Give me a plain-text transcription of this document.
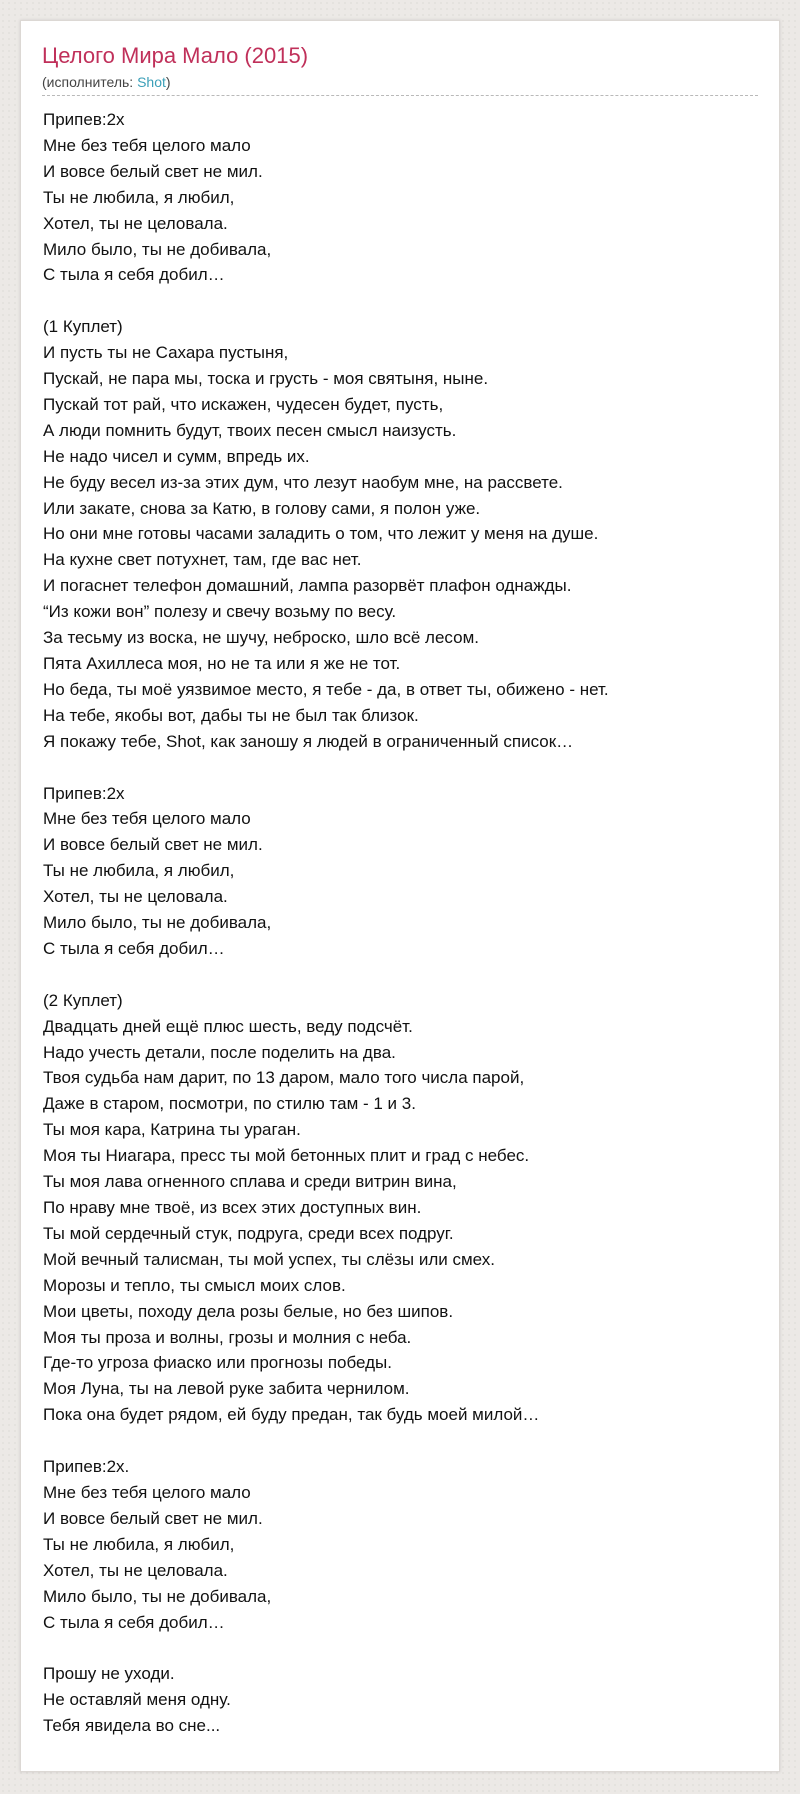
Целого Мира Мало (2015)
(исполнитель: Shot)
Припев:2х
Мне без тебя целого мало
И вовсе белый свет не мил.
Ты не любила, я любил,
Хотел, ты не целовала.
Мило было, ты не добивала,
С тыла я себя добил…
(1 Куплет)
И пусть ты не Сахара пустыня,
Пускай, не пара мы, тоска и грусть - моя святыня, ныне.
Пускай тот рай, что искажен, чудесен будет, пусть,
А люди помнить будут, твоих песен смысл наизусть.
Не надо чисел и сумм, впредь их.
Не буду весел из-за этих дум, что лезут наобум мне, на рассвете.
Или закате, снова за Катю, в голову сами, я полон уже.
Но они мне готовы часами заладить о том, что лежит у меня на душе.
На кухне свет потухнет, там, где вас нет.
И погаснет телефон домашний, лампа разорвёт плафон однажды.
“Из кожи вон” полезу и свечу возьму по весу.
За тесьму из воска, не шучу, неброско, шло всё лесом.
Пята Ахиллеса моя, но не та или я же не тот.
Но беда, ты моё уязвимое место, я тебе - да, в ответ ты, обижено - нет.
На тебе, якобы вот, дабы ты не был так близок.
Я покажу тебе, Shot, как заношу я людей в ограниченный список…
Припев:2х
Мне без тебя целого мало
И вовсе белый свет не мил.
Ты не любила, я любил,
Хотел, ты не целовала.
Мило было, ты не добивала,
С тыла я себя добил…
(2 Куплет)
Двадцать дней ещё плюс шесть, веду подсчёт.
Надо учесть детали, после поделить на два.
Твоя судьба нам дарит, по 13 даром, мало того числа парой,
Даже в старом, посмотри, по стилю там - 1 и 3.
Ты моя кара, Катрина ты ураган.
Моя ты Ниагара, пресс ты мой бетонных плит и град с небес.
Ты моя лава огненного сплава и среди витрин вина,
По нраву мне твоё, из всех этих доступных вин.
Ты мой сердечный стук, подруга, среди всех подруг.
Мой вечный талисман, ты мой успех, ты слёзы или смех.
Морозы и тепло, ты смысл моих слов.
Мои цветы, походу дела розы белые, но без шипов.
Моя ты проза и волны, грозы и молния с неба.
Где-то угроза фиаско или прогнозы победы.
Моя Луна, ты на левой руке забита чернилом.
Пока она будет рядом, ей буду предан, так будь моей милой…
Припев:2х.
Мне без тебя целого мало
И вовсе белый свет не мил.
Ты не любила, я любил,
Хотел, ты не целовала.
Мило было, ты не добивала,
С тыла я себя добил…
Прошу не уходи.
Не оставляй меня одну.
Тебя явидела во сне...
